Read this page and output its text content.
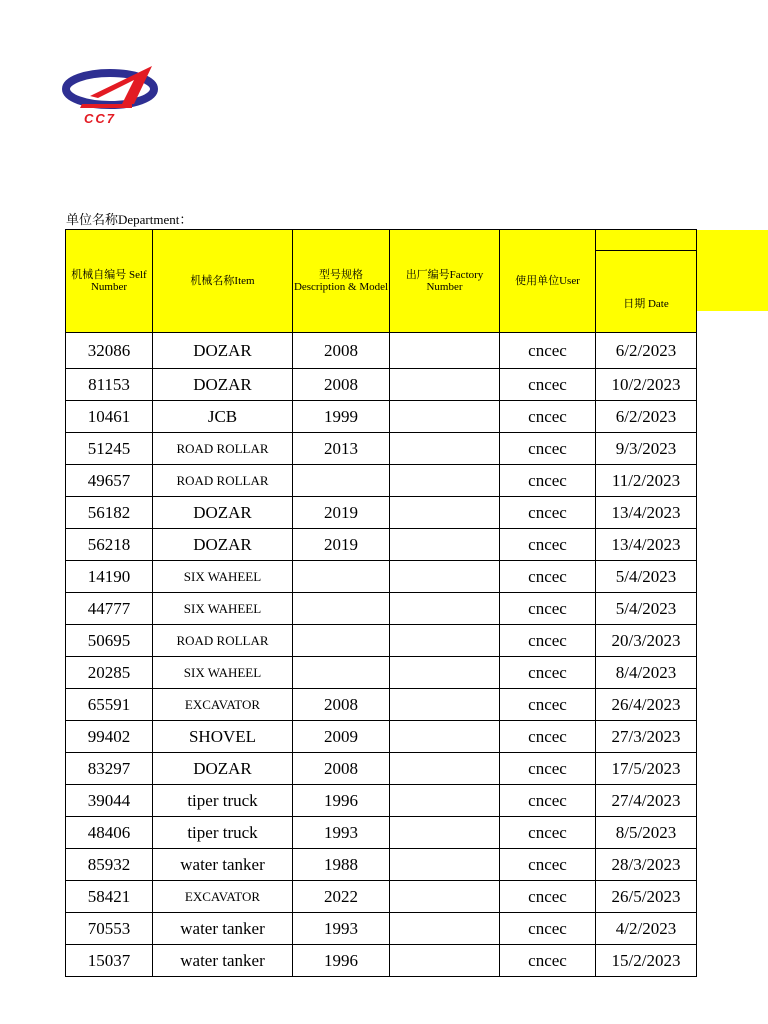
CC7
单位名称Department：
机械自编号 Self Number	机械名称Item	型号规格 Description & Model	出厂编号Factory Number	使用单位User	

					日期 Date

32086	DOZAR	2008		cncec	6/2/2023
81153	DOZAR	2008		cncec	10/2/2023
10461	JCB	1999		cncec	6/2/2023
51245	ROAD ROLLAR	2013		cncec	9/3/2023
49657	ROAD ROLLAR			cncec	11/2/2023
56182	DOZAR	2019		cncec	13/4/2023
56218	DOZAR	2019		cncec	13/4/2023
14190	SIX WAHEEL			cncec	5/4/2023
44777	SIX WAHEEL			cncec	5/4/2023
50695	ROAD ROLLAR			cncec	20/3/2023
20285	SIX WAHEEL			cncec	8/4/2023
65591	EXCAVATOR	2008		cncec	26/4/2023
99402	SHOVEL	2009		cncec	27/3/2023
83297	DOZAR	2008		cncec	17/5/2023
39044	tiper truck	1996		cncec	27/4/2023
48406	tiper truck	1993		cncec	8/5/2023
85932	water tanker	1988		cncec	28/3/2023
58421	EXCAVATOR	2022		cncec	26/5/2023
70553	water tanker	1993		cncec	4/2/2023
15037	water tanker	1996		cncec	15/2/2023
